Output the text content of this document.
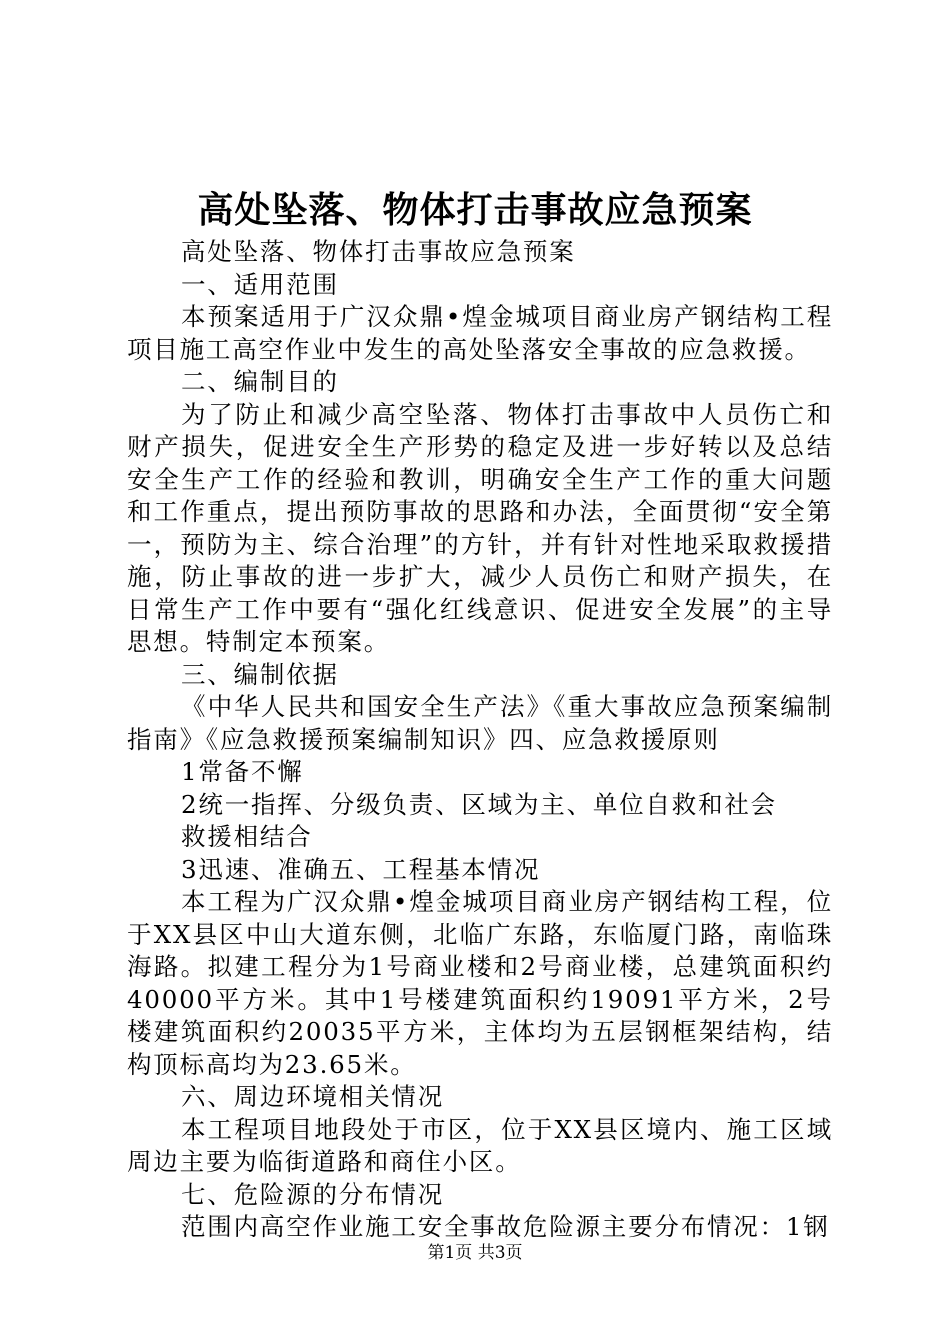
高处坠落、物体打击事故应急预案

高处坠落、物体打击事故应急预案

一、适用范围

本预案适用于广汉众鼎•煌金城项目商业房产钢结构工程项目施工高空作业中发生的高处坠落安全事故的应急救援。

二、编制目的

为了防止和减少高空坠落、物体打击事故中人员伤亡和财产损失，促进安全生产形势的稳定及进一步好转以及总结安全生产工作的经验和教训，明确安全生产工作的重大问题和工作重点，提出预防事故的思路和办法，全面贯彻“安全第一，预防为主、综合治理”的方针，并有针对性地采取救援措施，防止事故的进一步扩大，减少人员伤亡和财产损失，在日常生产工作中要有“强化红线意识、促进安全发展”的主导思想。特制定本预案。

三、编制依据

《中华人民共和国安全生产法》《重大事故应急预案编制指南》《应急救援预案编制知识》四、应急救援原则

1常备不懈

2统一指挥、分级负责、区域为主、单位自救和社会

救援相结合

3迅速、准确五、工程基本情况

本工程为广汉众鼎•煌金城项目商业房产钢结构工程，位于XX县区中山大道东侧，北临广东路，东临厦门路，南临珠海路。拟建工程分为1号商业楼和2号商业楼，总建筑面积约40000平方米。其中1号楼建筑面积约19091平方米，2号楼建筑面积约20035平方米，主体均为五层钢框架结构，结构顶标高均为23.65米。

六、周边环境相关情况

本工程项目地段处于市区，位于XX县区境内、施工区域周边主要为临街道路和商住小区。

七、危险源的分布情况

范围内高空作业施工安全事故危险源主要分布情况：1钢

第1页 共3页
